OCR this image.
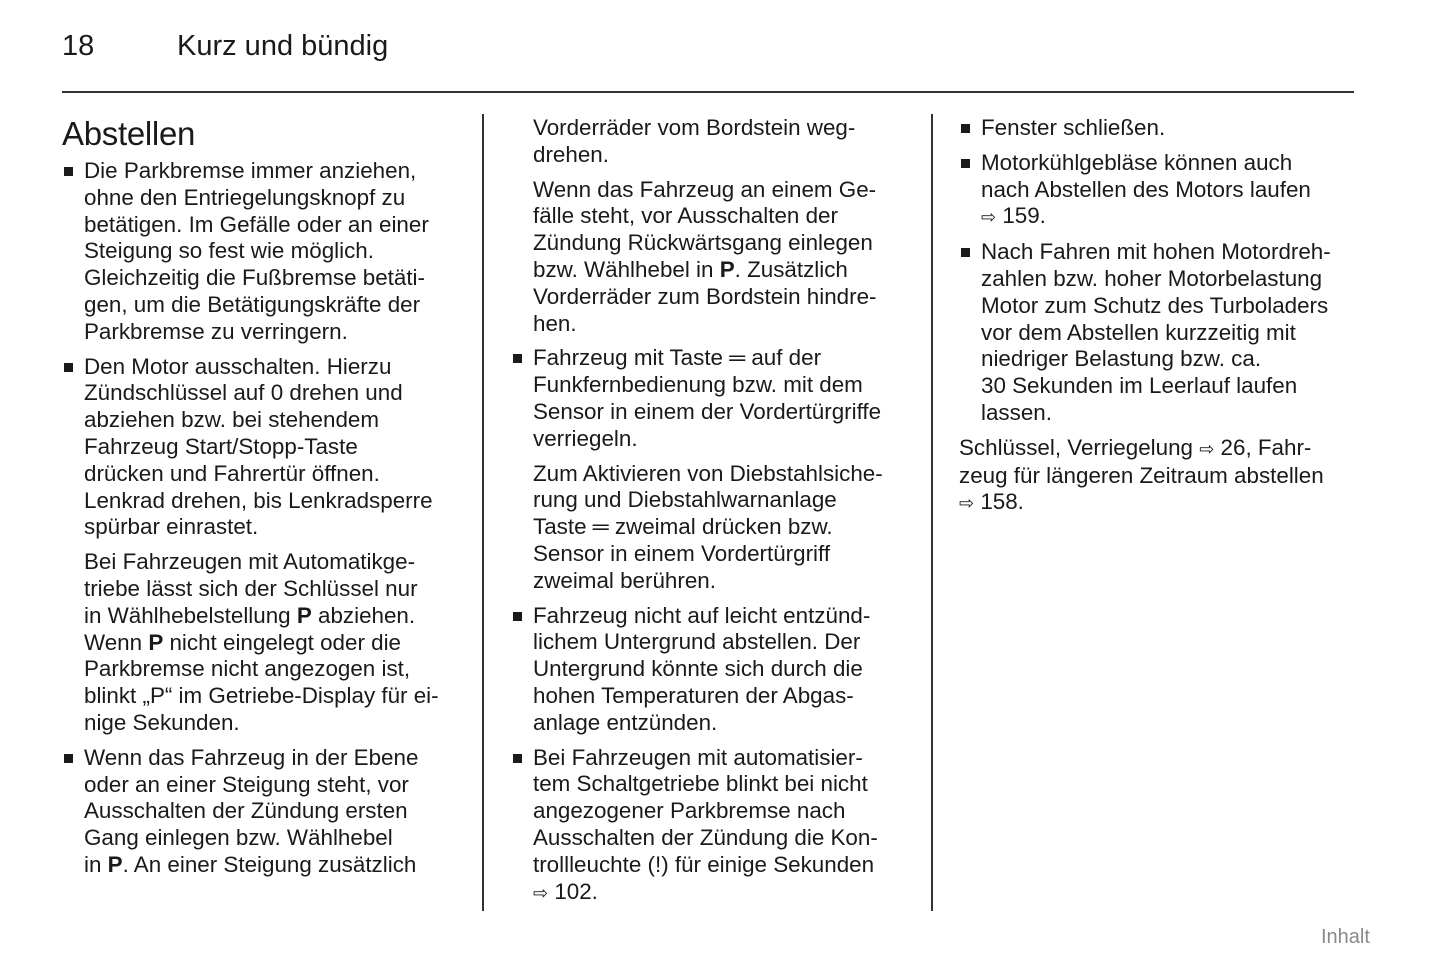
18	Kurz und bündig
Abstellen
Die Parkbremse immer anziehen,
ohne den Entriegelungsknopf zu
betätigen. Im Gefälle oder an einer
Steigung so fest wie möglich.
Gleichzeitig die Fußbremse betäti-
gen, um die Betätigungskräfte der
Parkbremse zu verringern.
Den Motor ausschalten. Hierzu
Zündschlüssel auf 0 drehen und
abziehen bzw. bei stehendem
Fahrzeug Start/Stopp-Taste
drücken und Fahrertür öffnen.
Lenkrad drehen, bis Lenkradsperre
spürbar einrastet.
Bei Fahrzeugen mit Automatikge-
triebe lässt sich der Schlüssel nur
in Wählhebelstellung P abziehen.
Wenn P nicht eingelegt oder die
Parkbremse nicht angezogen ist,
blinkt „P“ im Getriebe-Display für ei-
nige Sekunden.
Wenn das Fahrzeug in der Ebene
oder an einer Steigung steht, vor
Ausschalten der Zündung ersten
Gang einlegen bzw. Wählhebel
in P. An einer Steigung zusätzlich
Vorderräder vom Bordstein weg-
drehen.
Wenn das Fahrzeug an einem Ge-
fälle steht, vor Ausschalten der
Zündung Rückwärtsgang einlegen
bzw. Wählhebel in P. Zusätzlich
Vorderräder zum Bordstein hindre-
hen.
Fahrzeug mit Taste ═ auf der
Funkfernbedienung bzw. mit dem
Sensor in einem der Vordertürgriffe
verriegeln.
Zum Aktivieren von Diebstahlsiche-
rung und Diebstahlwarnanlage
Taste ═ zweimal drücken bzw.
Sensor in einem Vordertürgriff
zweimal berühren.
Fahrzeug nicht auf leicht entzünd-
lichem Untergrund abstellen. Der
Untergrund könnte sich durch die
hohen Temperaturen der Abgas-
anlage entzünden.
Bei Fahrzeugen mit automatisier-
tem Schaltgetriebe blinkt bei nicht
angezogener Parkbremse nach
Ausschalten der Zündung die Kon-
trollleuchte (!) für einige Sekunden
⇨ 102.
Fenster schließen.
Motorkühlgebläse können auch
nach Abstellen des Motors laufen
⇨ 159.
Nach Fahren mit hohen Motordreh-
zahlen bzw. hoher Motorbelastung
Motor zum Schutz des Turboladers
vor dem Abstellen kurzzeitig mit
niedriger Belastung bzw. ca.
30 Sekunden im Leerlauf laufen
lassen.
Schlüssel, Verriegelung ⇨ 26, Fahr-
zeug für längeren Zeitraum abstellen
⇨ 158.
Inhalt
